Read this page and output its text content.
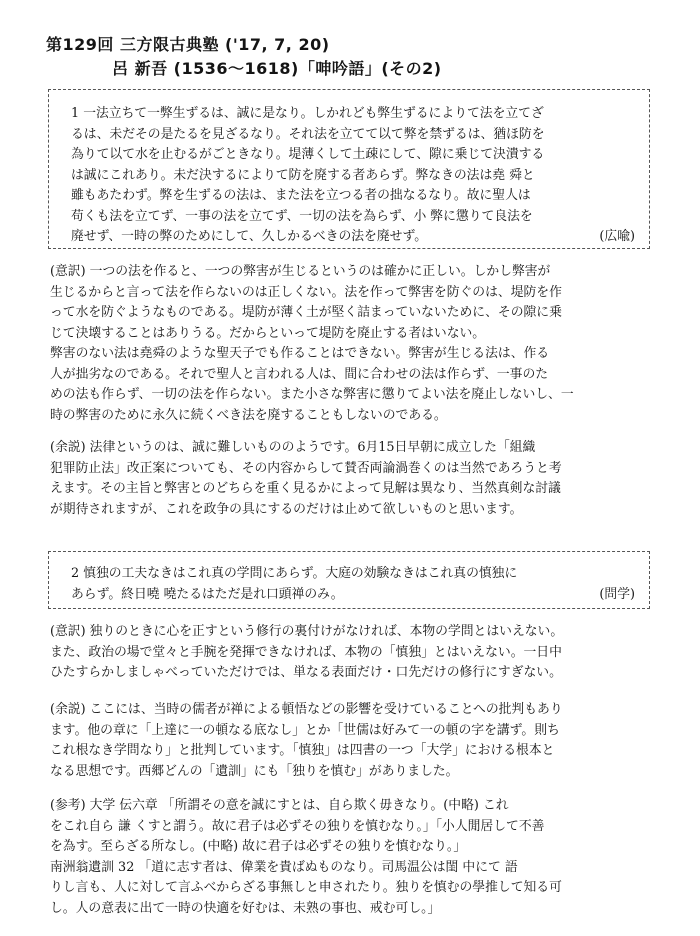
第129回 三方限古典塾 ('17, 7, 20)
呂 新吾 (1536〜1618)「呻吟語」(その2)
1 一法立ちて一弊生ずるは、誠に是なり。しかれども弊生ずるによりて法を立てざ
るは、未だその是たるを見ざるなり。それ法を立てて以て弊を禁ずるは、猶ほ防を
為りて以て水を止むるがごときなり。堤薄くして土疎にして、隙に乗じて決潰する
は誠にこれあり。未だ決するによりて防を廃する者あらず。弊なきの法は堯 舜と
雖もあたわず。弊を生ずるの法は、また法を立つる者の拙なるなり。故に聖人は
苟くも法を立てず、一事の法を立てず、一切の法を為らず、小 弊に懲りて良法を
廃せず、一時の弊のためにして、久しかるべきの法を廃せず。	(広喩)
(意訳) 一つの法を作ると、一つの弊害が生じるというのは確かに正しい。しかし弊害が
生じるからと言って法を作らないのは正しくない。法を作って弊害を防ぐのは、堤防を作
って水を防ぐようなものである。堤防が薄く土が堅く詰まっていないために、その隙に乗
じて決壊することはありうる。だからといって堤防を廃止する者はいない。
弊害のない法は堯舜のような聖天子でも作ることはできない。弊害が生じる法は、作る
人が拙劣なのである。それで聖人と言われる人は、間に合わせの法は作らず、一事のた
めの法も作らず、一切の法を作らない。また小さな弊害に懲りてよい法を廃止しないし、一
時の弊害のために永久に続くべき法を廃することもしないのである。
(余説) 法律というのは、誠に難しいもののようです。6月15日早朝に成立した「組織
犯罪防止法」改正案についても、その内容からして賛否両論渦巻くのは当然であろうと考
えます。その主旨と弊害とのどちらを重く見るかによって見解は異なり、当然真剣な討議
が期待されますが、これを政争の具にするのだけは止めて欲しいものと思います。
2 慎独の工夫なきはこれ真の学問にあらず。大庭の効験なきはこれ真の慎独に
あらず。終日嘵 嘵たるはただ是れ口頭禅のみ。	(問学)
(意訳) 独りのときに心を正すという修行の裏付けがなければ、本物の学問とはいえない。
また、政治の場で堂々と手腕を発揮できなければ、本物の「慎独」とはいえない。一日中
ひたすらかしましゃべっていただけでは、単なる表面だけ・口先だけの修行にすぎない。
(余説) ここには、当時の儒者が禅による頓悟などの影響を受けていることへの批判もあり
ます。他の章に「上達に一の頓なる底なし」とか「世儒は好みて一の頓の字を講ず。則ち
これ根なき学問なり」と批判しています。「慎独」は四書の一つ「大学」における根本と
なる思想です。西郷どんの「遺訓」にも「独りを慎む」がありました。
(参考) 大学 伝六章 「所謂その意を誠にすとは、自ら欺く毋きなり。(中略) これ
をこれ自ら 謙 くすと謂う。故に君子は必ずその独りを慎むなり。」「小人閒居して不善
を為す。至らざる所なし。(中略) 故に君子は必ずその独りを慎むなり。」
南洲翁遺訓 32 「道に志す者は、偉業を貴ばぬものなり。司馬温公は閨 中にて 語
りし言も、人に対して言ふべからざる事無しと申されたり。独りを慎むの學推して知る可
し。人の意表に出て一時の快適を好むは、未熟の事也、戒む可し。」
